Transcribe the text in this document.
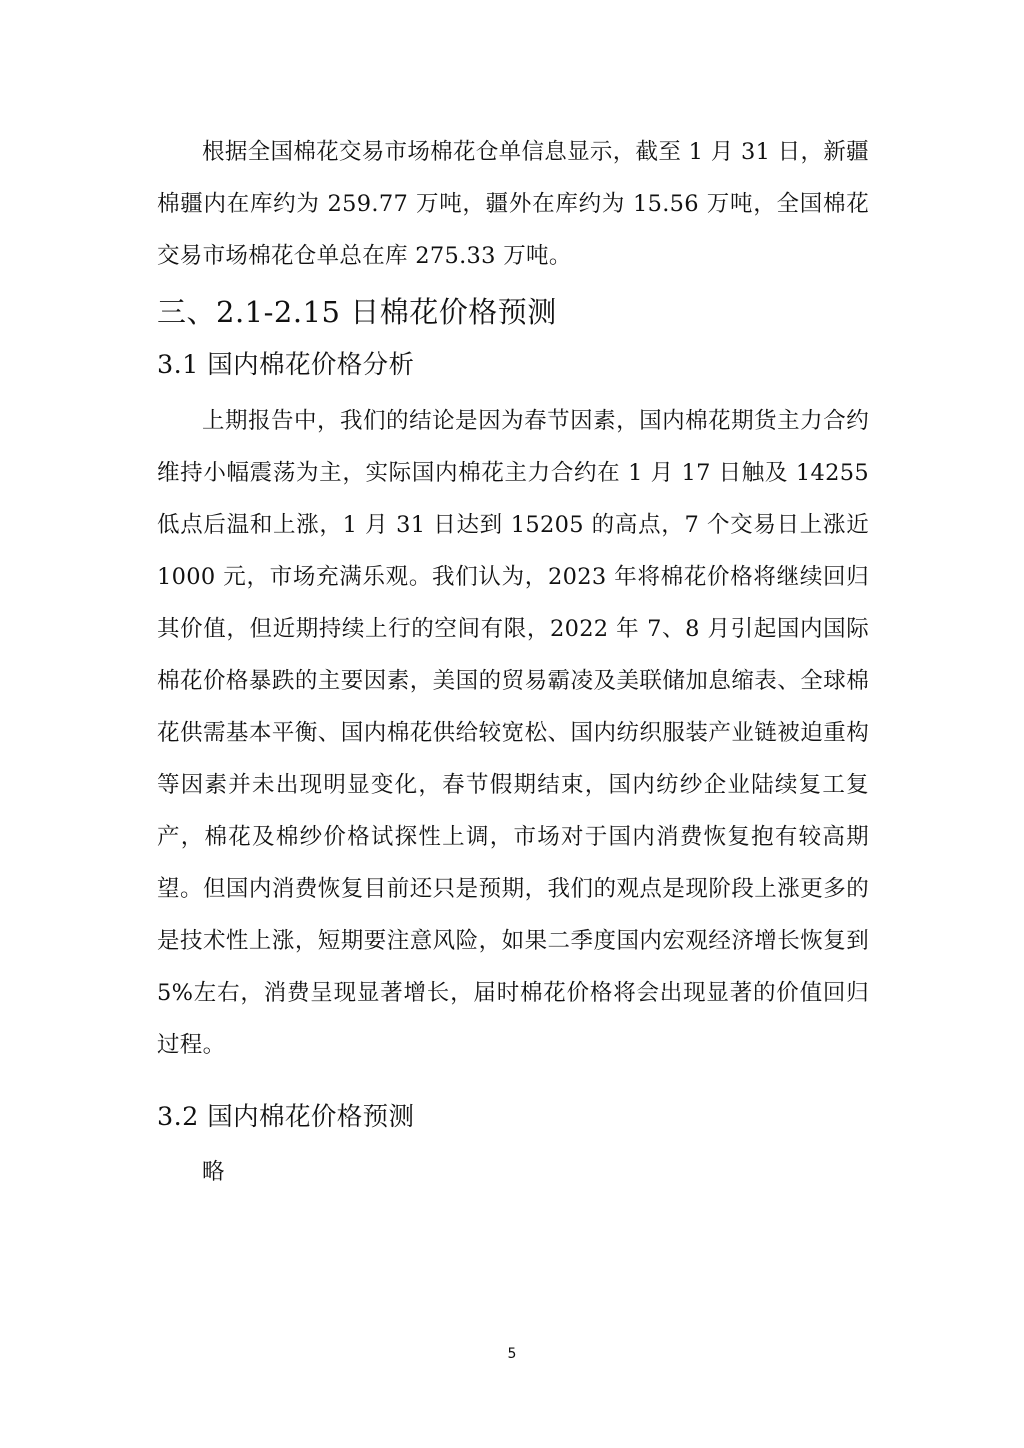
根据全国棉花交易市场棉花仓单信息显示，截至 1 月 31 日，新疆棉疆内在库约为 259.77 万吨，疆外在库约为 15.56 万吨，全国棉花交易市场棉花仓单总在库 275.33 万吨。

三、2.1-2.15 日棉花价格预测
3.1 国内棉花价格分析

上期报告中，我们的结论是因为春节因素，国内棉花期货主力合约维持小幅震荡为主，实际国内棉花主力合约在 1 月 17 日触及 14255 低点后温和上涨，1 月 31 日达到 15205 的高点，7 个交易日上涨近 1000 元，市场充满乐观。我们认为，2023 年将棉花价格将继续回归其价值，但近期持续上行的空间有限，2022 年 7、8 月引起国内国际棉花价格暴跌的主要因素，美国的贸易霸凌及美联储加息缩表、全球棉花供需基本平衡、国内棉花供给较宽松、国内纺织服装产业链被迫重构等因素并未出现明显变化，春节假期结束，国内纺纱企业陆续复工复产，棉花及棉纱价格试探性上调，市场对于国内消费恢复抱有较高期望。但国内消费恢复目前还只是预期，我们的观点是现阶段上涨更多的是技术性上涨，短期要注意风险，如果二季度国内宏观经济增长恢复到 5%左右，消费呈现显著增长，届时棉花价格将会出现显著的价值回归过程。

3.2 国内棉花价格预测

略

5
